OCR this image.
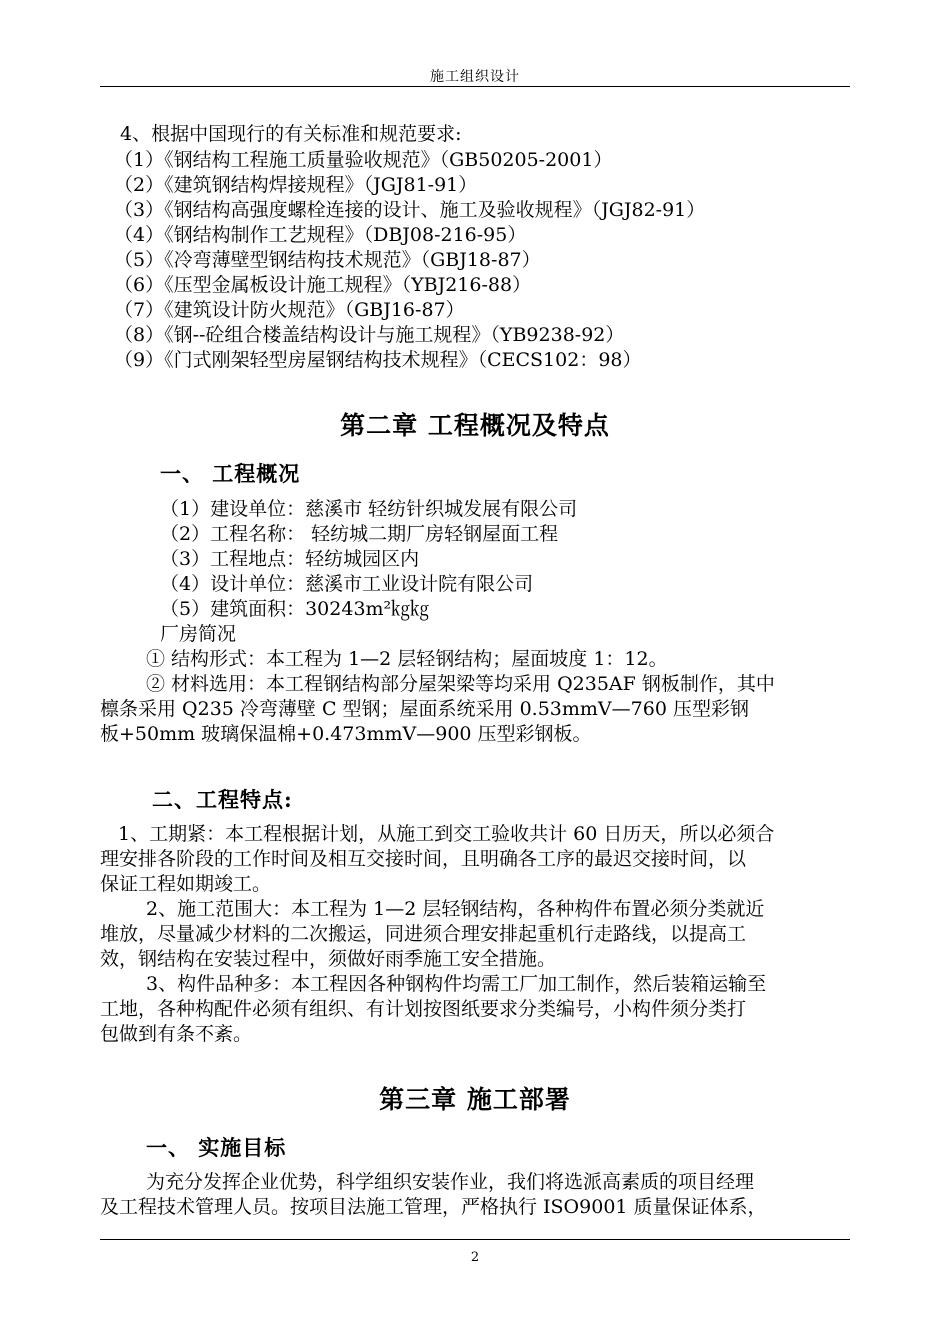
施工组织设计
4、根据中国现行的有关标准和规范要求:
（1）《钢结构工程施工质量验收规范》（GB50205-2001）
（2）《建筑钢结构焊接规程》（JGJ81-91）
（3）《钢结构高强度螺栓连接的设计、施工及验收规程》（JGJ82-91）
（4）《钢结构制作工艺规程》（DBJ08-216-95）
（5）《冷弯薄壁型钢结构技术规范》（GBJ18-87）
（6）《压型金属板设计施工规程》（YBJ216-88）
（7）《建筑设计防火规范》（GBJ16-87）
（8）《钢--砼组合楼盖结构设计与施工规程》（YB9238-92）
（9）《门式刚架轻型房屋钢结构技术规程》（CECS102：98）
第二章 工程概况及特点
一、 工程概况
（1）建设单位：慈溪市 轻纺针织城发展有限公司
（2）工程名称： 轻纺城二期厂房轻钢屋面工程
（3）工程地点：轻纺城园区内
（4）设计单位：慈溪市工业设计院有限公司
（5）建筑面积：30243m²㎏㎏
厂房简况
① 结构形式：本工程为 1—2 层轻钢结构；屋面坡度 1：12。
② 材料选用：本工程钢结构部分屋架梁等均采用 Q235AF 钢板制作，其中
檩条采用 Q235 冷弯薄壁 C 型钢；屋面系统采用 0.53mmV—760 压型彩钢
板+50mm 玻璃保温棉+0.473mmV—900 压型彩钢板。
二、工程特点:
1、工期紧：本工程根据计划，从施工到交工验收共计 60 日历天，所以必须合
理安排各阶段的工作时间及相互交接时间，且明确各工序的最迟交接时间，以
保证工程如期竣工。
2、施工范围大：本工程为 1—2 层轻钢结构，各种构件布置必须分类就近
堆放，尽量减少材料的二次搬运，同进须合理安排起重机行走路线，以提高工
效，钢结构在安装过程中，须做好雨季施工安全措施。
3、构件品种多：本工程因各种钢构件均需工厂加工制作，然后装箱运输至
工地，各种构配件必须有组织、有计划按图纸要求分类编号，小构件须分类打
包做到有条不紊。
第三章 施工部署
一、 实施目标
为充分发挥企业优势，科学组织安装作业，我们将选派高素质的项目经理
及工程技术管理人员。按项目法施工管理，严格执行 ISO9001 质量保证体系，
2
